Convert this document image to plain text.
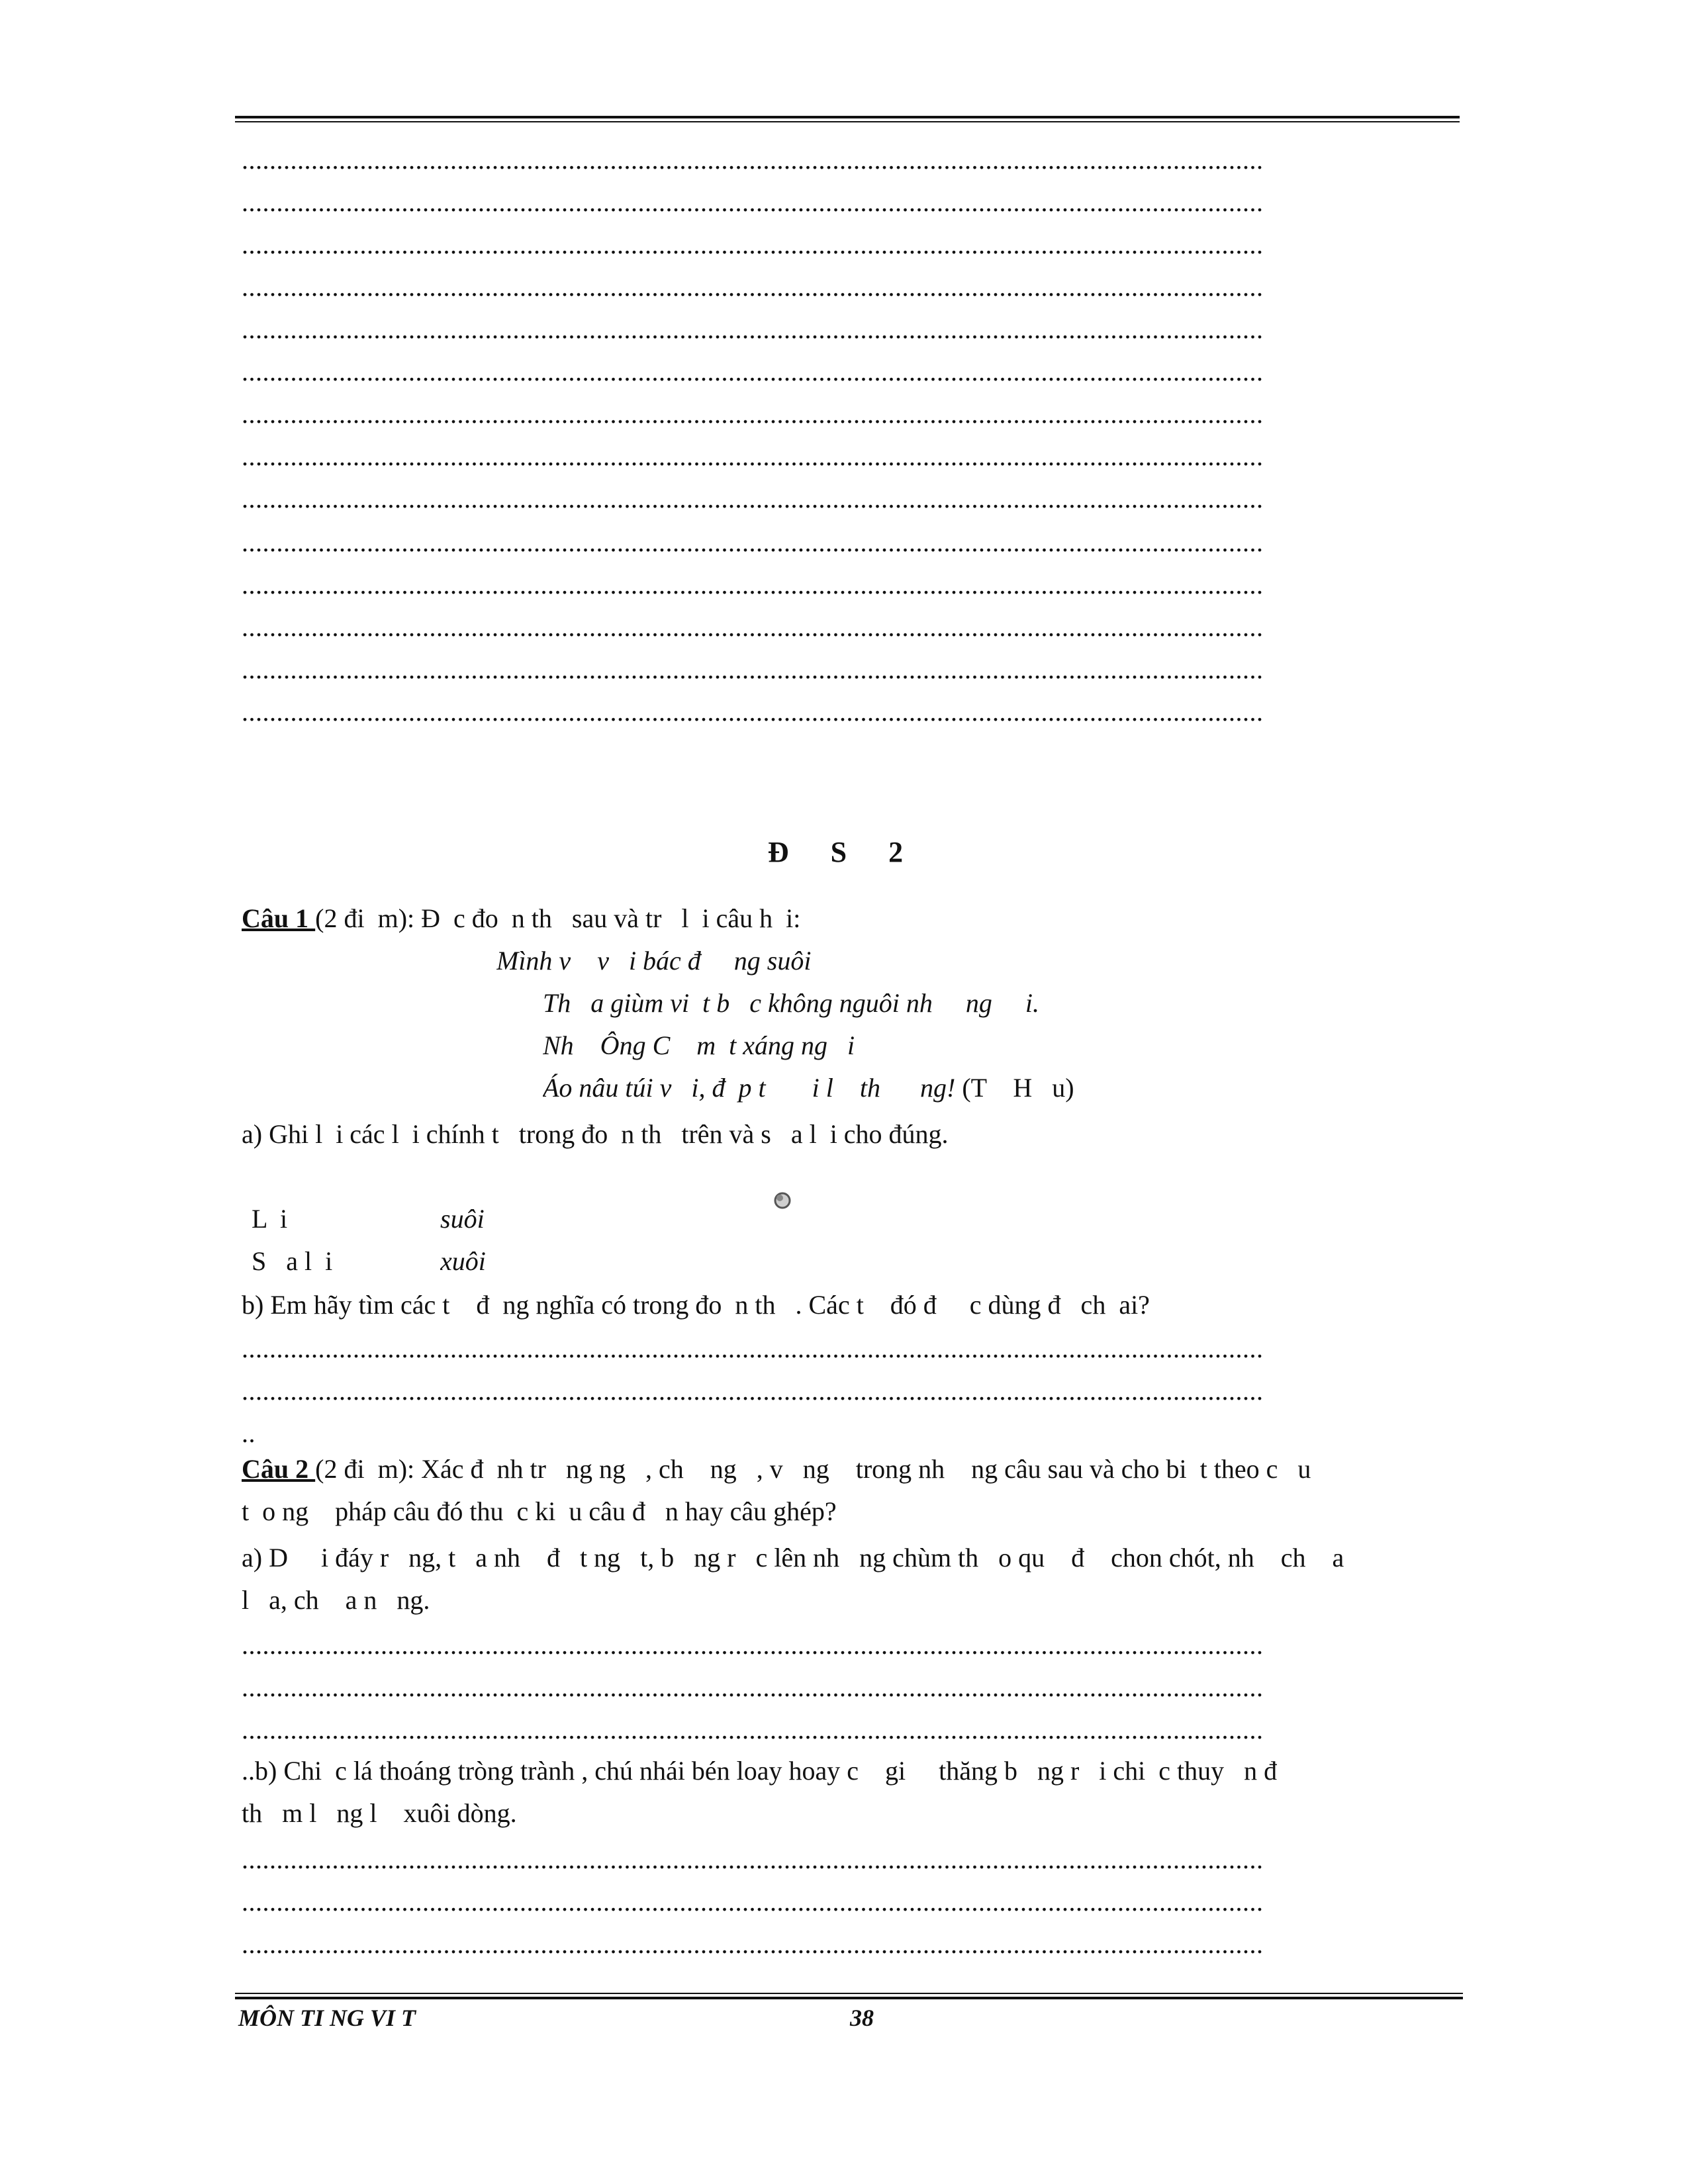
...................................................................................................................................................
...................................................................................................................................................
...................................................................................................................................................
...................................................................................................................................................
...................................................................................................................................................
...................................................................................................................................................
...................................................................................................................................................
...................................................................................................................................................
...................................................................................................................................................
...................................................................................................................................................
...................................................................................................................................................
...................................................................................................................................................
...................................................................................................................................................
...................................................................................................................................................
Đ S 2
Câu 1 (2 đi  m): Đ  c đo  n th   sau và tr   l  i câu h  i:
Mình v    v   i bác đ     ng suôi
Th   a giùm vi  t b   c không nguôi nh     ng     i.
Nh    Ông C    m  t xáng ng   i
Áo nâu túi v   i, đ  p t       i l    th      ng! (T    H   u)
a) Ghi l  i các l  i chính t   trong đo  n th   trên và s   a l  i cho đúng.
L  i	suôi
S   a l  i	xuôi
b) Em hãy tìm các t    đ  ng nghĩa có trong đo  n th   . Các t    đó đ     c dùng đ   ch  ai?
...................................................................................................................................................
...................................................................................................................................................
..
Câu 2 (2 đi  m): Xác đ  nh tr   ng ng   , ch    ng   , v   ng    trong nh    ng câu sau và cho bi  t theo c   u
t  o ng    pháp câu đó thu  c ki  u câu đ   n hay câu ghép?
a) D     i đáy r   ng, t   a nh    đ   t ng   t, b   ng r   c lên nh   ng chùm th   o qu    đ    chon chót, nh    ch    a
l   a, ch    a n   ng.
...................................................................................................................................................
...................................................................................................................................................
...................................................................................................................................................
..b) Chi  c lá thoáng tròng trành , chú nhái bén loay hoay c    gi     thăng b   ng r   i chi  c thuy   n đ
th   m l   ng l    xuôi dòng.
...................................................................................................................................................
...................................................................................................................................................
...................................................................................................................................................
MÔN TI NG VI T	38
